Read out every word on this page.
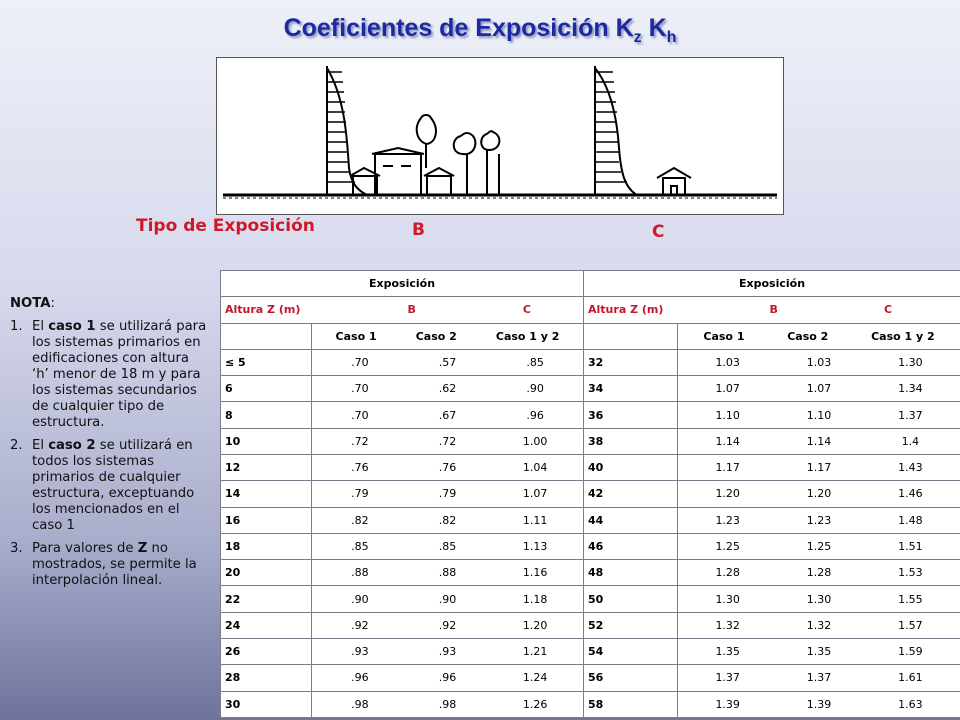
Coeficientes de Exposición $K_z$ $K_h$
Tipo de Exposición	B	C
NOTA:
1. El caso 1 se utilizará para los sistemas primarios en edificaciones con altura ‘h’ menor de 18 m y para los sistemas secundarios de cualquier tipo de estructura.
2. El caso 2 se utilizará en todos los sistemas primarios de cualquier estructura, exceptuando los mencionados en el caso 1
3. Para valores de Z no mostrados, se permite la interpolación lineal.
Exposición		Exposición	

Altura Z (m) B C		Altura Z (m) B C	

	Caso 1 Caso 2 Caso 1 y 2		Caso 1 Caso 2 Caso 1 y 2

≤ 5	.70 .57 .85	32	1.03 1.03 1.30

6	.70 .62 .90	34	1.07 1.07 1.34

8	.70 .67 .96	36	1.10 1.10 1.37

10	.72 .72 1.00	38	1.14 1.14 1.4

12	.76 .76 1.04	40	1.17 1.17 1.43

14	.79 .79 1.07	42	1.20 1.20 1.46

16	.82 .82 1.11	44	1.23 1.23 1.48

18	.85 .85 1.13	46	1.25 1.25 1.51

20	.88 .88 1.16	48	1.28 1.28 1.53

22	.90 .90 1.18	50	1.30 1.30 1.55

24	.92 .92 1.20	52	1.32 1.32 1.57

26	.93 .93 1.21	54	1.35 1.35 1.59

28	.96 .96 1.24	56	1.37 1.37 1.61

30	.98 .98 1.26	58	1.39 1.39 1.63
